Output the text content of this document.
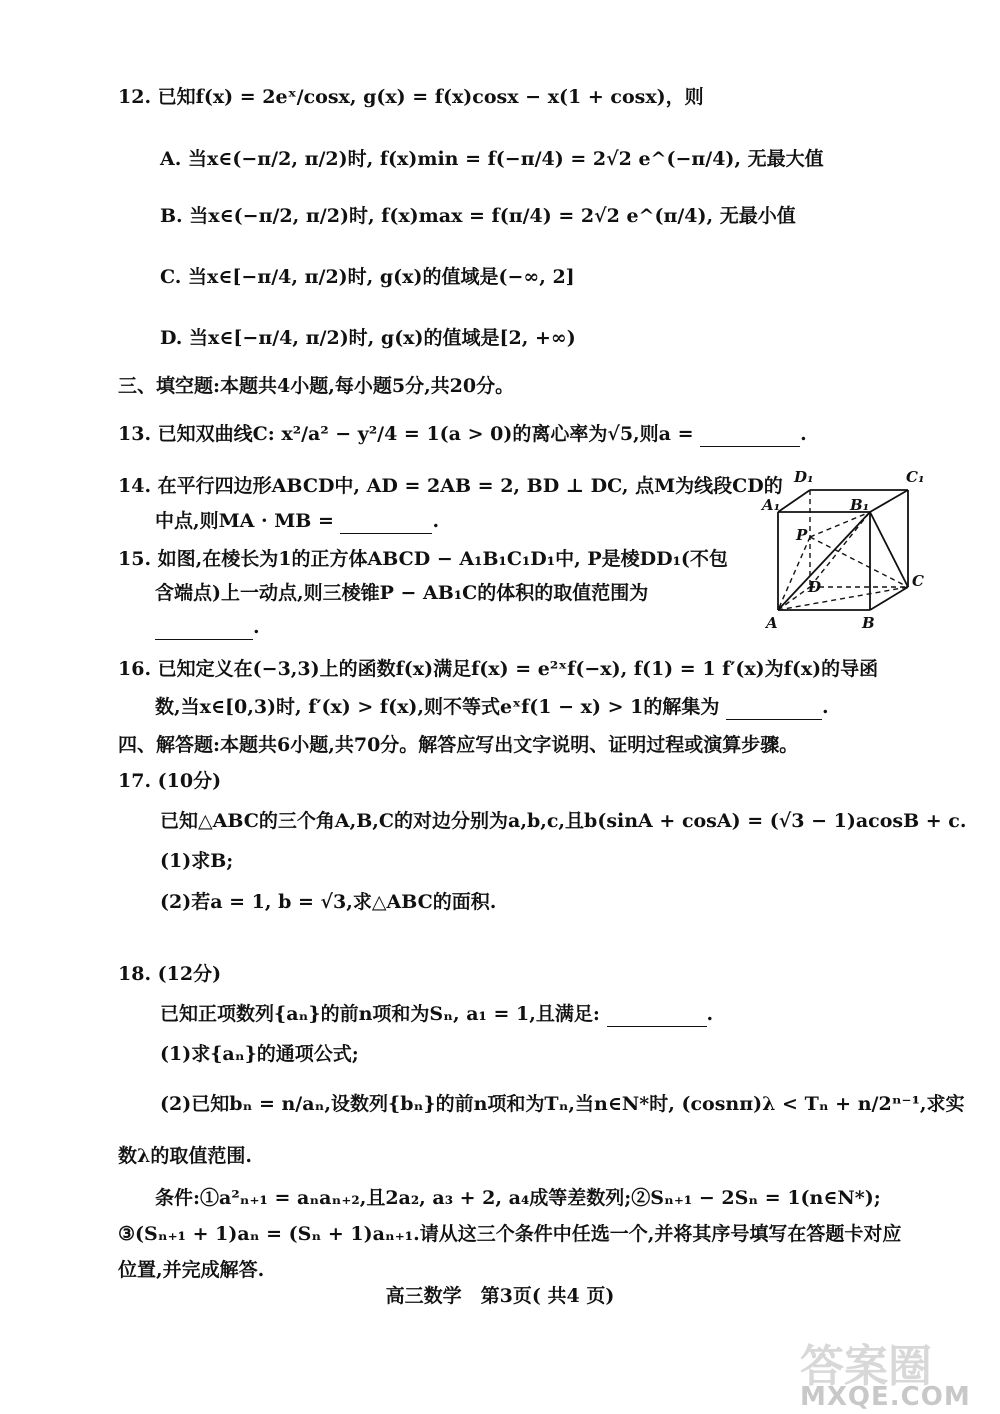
12. 已知f(x) = 2eˣ/cosx, g(x) = f(x)cosx − x(1 + cosx)，则
A. 当x∈(−π/2, π/2)时, f(x)min = f(−π/4) = 2√2 e^(−π/4), 无最大值
B. 当x∈(−π/2, π/2)时, f(x)max = f(π/4) = 2√2 e^(π/4), 无最小值
C. 当x∈[−π/4, π/2)时, g(x)的值域是(−∞, 2]
D. 当x∈[−π/4, π/2)时, g(x)的值域是[2, +∞)
三、填空题:本题共4小题,每小题5分,共20分。
13. 已知双曲线C: x²/a² − y²/4 = 1(a > 0)的离心率为√5,则a =	.
14. 在平行四边形ABCD中, AD = 2AB = 2, BD ⊥ DC, 点M为线段CD的
中点,则MA · MB =	.
15. 如图,在棱长为1的正方体ABCD − A₁B₁C₁D₁中, P是棱DD₁(不包
含端点)上一动点,则三棱锥P − AB₁C的体积的取值范围为
.
D₁	C₁
A₁	B₁
P
D	C
A	B
16. 已知定义在(−3,3)上的函数f(x)满足f(x) = e²ˣf(−x), f(1) = 1 f′(x)为f(x)的导函
数,当x∈[0,3)时, f′(x) > f(x),则不等式eˣf(1 − x) > 1的解集为	.
四、解答题:本题共6小题,共70分。解答应写出文字说明、证明过程或演算步骤。
17. (10分)
已知△ABC的三个角A,B,C的对边分别为a,b,c,且b(sinA + cosA) = (√3 − 1)acosB + c.
(1)求B;
(2)若a = 1, b = √3,求△ABC的面积.
18. (12分)
已知正项数列{aₙ}的前n项和为Sₙ, a₁ = 1,且满足:	.
(1)求{aₙ}的通项公式;
(2)已知bₙ = n/aₙ,设数列{bₙ}的前n项和为Tₙ,当n∈N*时, (cosnπ)λ < Tₙ + n/2ⁿ⁻¹,求实
数λ的取值范围.
条件:①a²ₙ₊₁ = aₙaₙ₊₂,且2a₂, a₃ + 2, a₄成等差数列;②Sₙ₊₁ − 2Sₙ = 1(n∈N*);
③(Sₙ₊₁ + 1)aₙ = (Sₙ + 1)aₙ₊₁.请从这三个条件中任选一个,并将其序号填写在答题卡对应
位置,并完成解答.
高三数学　第3页( 共4 页)
答案圈
MXQE.COM
